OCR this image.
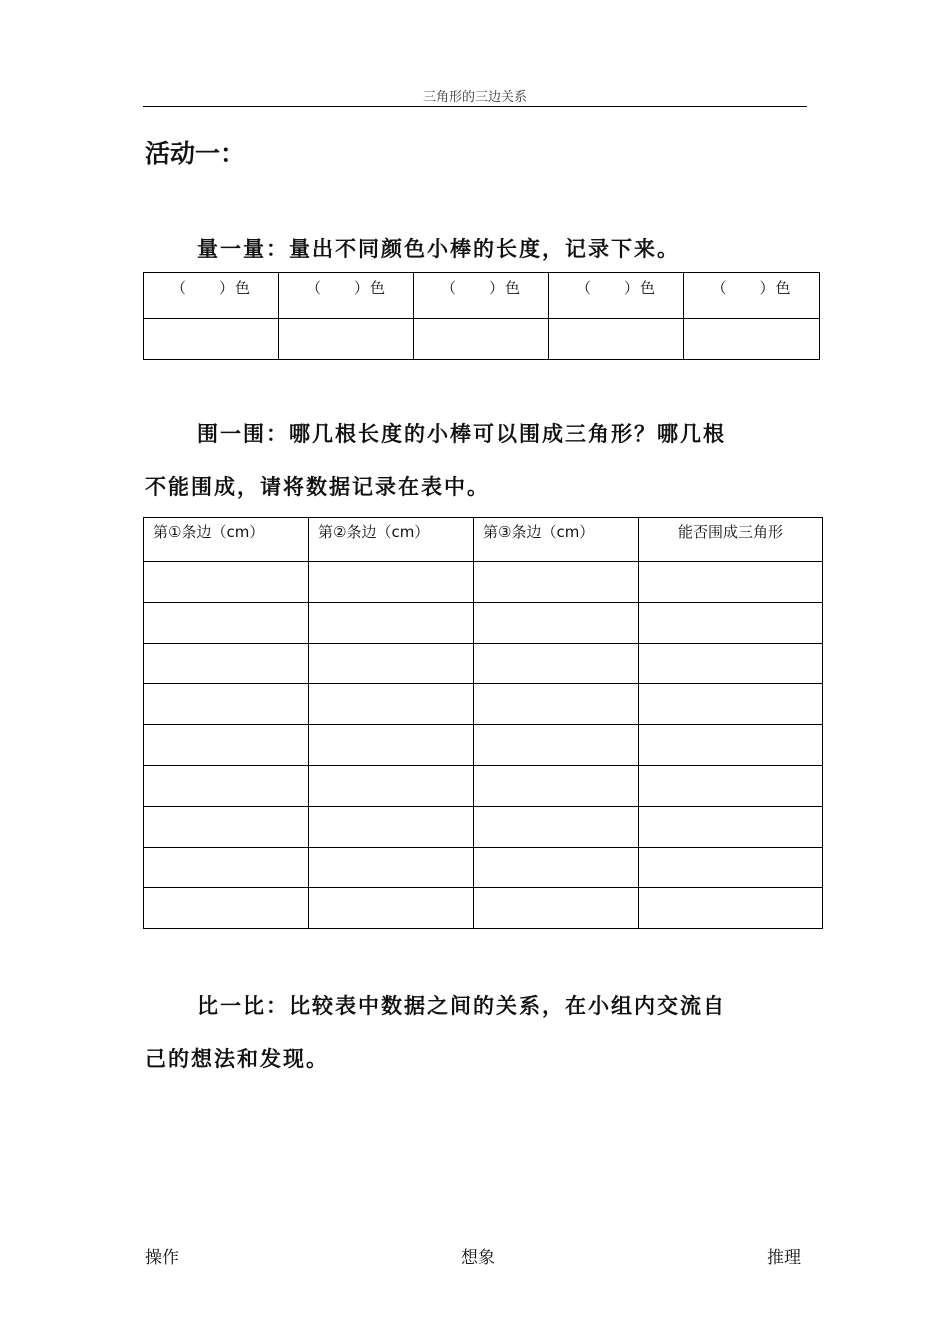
三角形的三边关系
活动一：
量一量：量出不同颜色小棒的长度，记录下来。
（　　）色	（　　）色	（　　）色	（　　）色	（　　）色

围一围：哪几根长度的小棒可以围成三角形？哪几根
不能围成，请将数据记录在表中。
第①条边（cm）	第②条边（cm）	第③条边（cm）	能否围成三角形

比一比：比较表中数据之间的关系，在小组内交流自
己的想法和发现。
操作	想象	推理
